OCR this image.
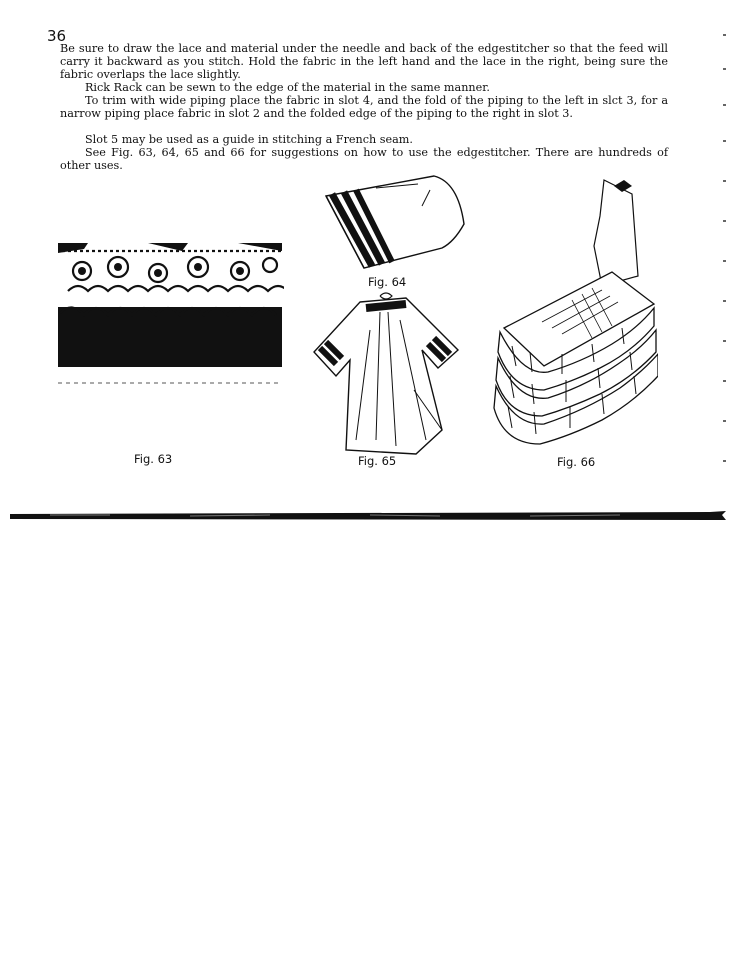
36

Be sure to draw the lace and material under the needle and back of the edgestitcher so that the feed will carry it backward as you stitch. Hold the fabric in the left hand and the lace in the right, being sure the fabric overlaps the lace slightly.

Rick Rack can be sewn to the edge of the material in the same manner.

To trim with wide piping place the fabric in slot 4, and the fold of the piping to the left in slct 3, for a narrow piping place fabric in slot 2 and the folded edge of the piping to the right in slot 3.

Slot 5 may be used as a guide in stitching a French seam.

See Fig. 63, 64, 65 and 66 for suggestions on how to use the edgestitcher. There are hundreds of other uses.

Fig. 63
Fig. 64
Fig. 65	Fig. 66
